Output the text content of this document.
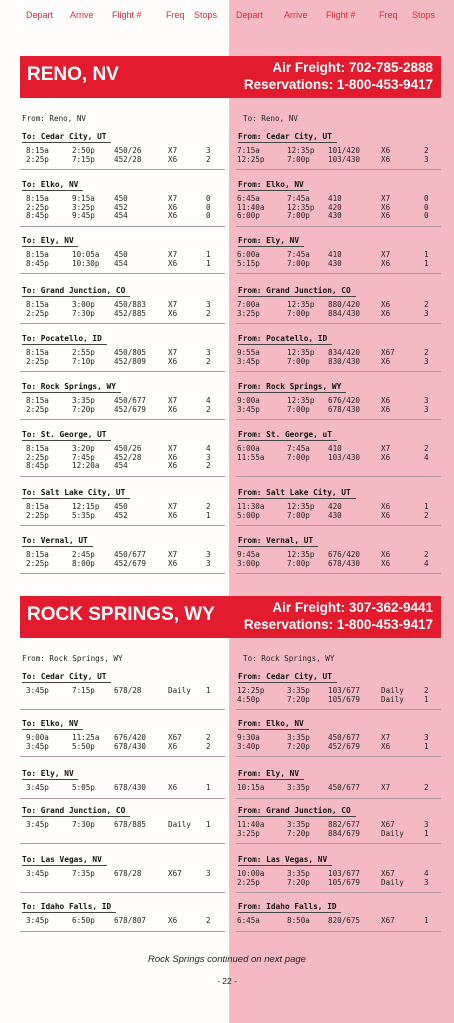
Depart Arrive Flight #	Freq Stops Depart Arrive Flight #	Freq Stops
RENO, NV	Air Freight: 702-785-2888
Reservations: 1-800-453-9417
From: Reno, NV	To: Reno, NV
To: Cedar City, UT
8:15a	2:50p	450/26	X7	3
2:25p	7:15p	452/28	X6	2
From: Cedar City, UT
7:15a	12:35p 101/420	X6	2
12:25p	7:00p 103/430	X6	3
To: Elko, NV
8:15a	9:15a	450	X7	0
2:25p	3:25p	452	X6	0
8:45p	9:45p	454	X6	0
From: Elko, NV
6:45a	7:45a 410	X7	0
11:40a	12:35p 420	X6	0
6:00p	7:00p 430	X6	0
To: Ely, NV
8:15a	10:05a 450	X7	1
8:45p	10:30p 454	X6	1
From: Ely, NV
6:00a	7:45a 410	X7	1
5:15p	7:00p 430	X6	1
To: Grand Junction, CO
8:15a	3:00p	450/883	X7	3
2:25p	7:30p	452/885	X6	2
From: Grand Junction, CO
7:00a	12:35p 880/420	X6	2
3:25p	7:00p 884/430	X6	3
To: Pocatello, ID
8:15a	2:55p	450/805	X7	3
2:25p	7:10p	452/809	X6	2
From: Pocatello, ID
9:55a	12:35p 834/420	X67	2
3:45p	7:00p 830/430	X6	3
To: Rock Springs, WY
8:15a	3:35p	450/677	X7	4
2:25p	7:20p	452/679	X6	2
From: Rock Springs, WY
9:00a	12:35p 676/420	X6	3
3:45p	7:00p 678/430	X6	3
To: St. George, UT
8:15a	3:20p	450/26	X7	4
2:25p	7:45p	452/28	X6	3
8:45p	12:20a 454	X6	2
From: St. George, uT
6:00a	7:45a 410	X7	2
11:55a	7:00p 103/430	X6	4
To: Salt Lake City, UT
8:15a	12:15p 450	X7	2
2:25p	5:35p	452	X6	1
From: Salt Lake City, UT
11:30a	12:35p 420	X6	1
5:00p	7:00p 430	X6	2
To: Vernal, UT
8:15a	2:45p	450/677	X7	3
2:25p	8:00p	452/679	X6	3
From: Vernal, UT
9:45a	12:35p 676/420	X6	2
3:00p	7:00p 678/430	X6	4
ROCK SPRINGS, WY	Air Freight: 307-362-9441
Reservations: 1-800-453-9417
From: Rock Springs, WY	To: Rock Springs, WY
To: Cedar City, UT
3:45p	7:15p	678/28	Daily 1
From: Cedar City, UT
12:25p	3:35p 103/677	Daily	2
4:50p	7:20p 105/679	Daily	1
To: Elko, NV
9:00a	11:25a 676/420	X67	2
3:45p	5:50p	678/430	X6	2
From: Elko, NV
9:30a	3:35p 450/677	X7	3
3:40p	7:20p 452/679	X6	1
To: Ely, NV
3:45p	5:05p	678/430	X6	1
From: Ely, NV
10:15a	3:35p 450/677	X7	2
To: Grand Junction, CO
3:45p	7:30p	678/885	Daily 1
From: Grand Junction, CO
11:40a	3:35p 882/677	X67	3
3:25p	7:20p 884/679	Daily	1
To: Las Vegas, NV
3:45p	7:35p	678/28	X67	3
From: Las Vegas, NV
10:00a	3:35p 103/677	X67	4
2:25p	7:20p 105/679	Daily	3
To: Idaho Falls, ID
3:45p	6:50p	678/807	X6	2
From: Idaho Falls, ID
6:45a	8:50a 820/675	X67	1
Rock Springs continued on next page
- 22 -
